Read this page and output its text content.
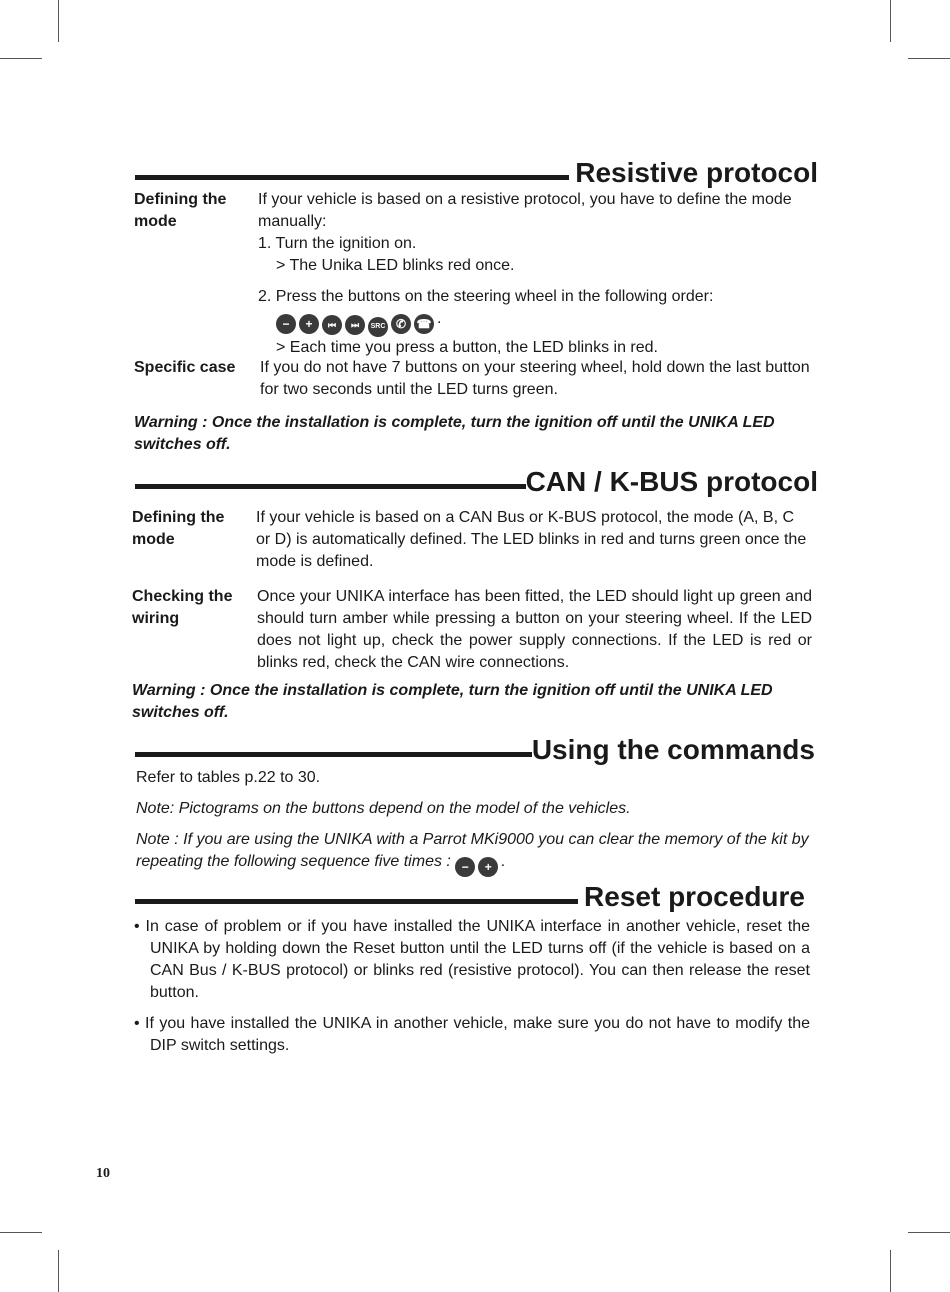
Resistive protocol
Defining the mode

If your vehicle is based on a resistive protocol, you have to define the mode manually:

1. Turn the ignition on.

> The Unika LED blinks red once.

2. Press the buttons on the steering wheel in the following order:

− + ⏮ ⏭ SRC ✆ ☎ .

> Each time you press a button, the LED blinks in red.

Specific case	If you do not have 7 buttons on your steering wheel, hold down the last button for two seconds until the LED turns green.
Warning : Once the installation is complete, turn the ignition off until the UNIKA LED switches off.
CAN / K-BUS protocol
Defining the mode
If your vehicle is based on a CAN Bus or K-BUS protocol, the mode (A, B, C or D) is automatically defined. The LED blinks in red and turns green once the mode is defined.
Checking the wiring
Once your UNIKA interface has been fitted, the LED should light up green and should turn amber while pressing a button on your steering wheel. If the LED does not light up, check the power supply connections. If the LED is red or blinks red, check the CAN wire connections.
Warning : Once the installation is complete, turn the ignition off until the UNIKA LED switches off.
Using the commands
Refer to tables p.22 to 30.
Note: Pictograms on the buttons depend on the model of the vehicles.
Note : If you are using the UNIKA with a Parrot MKi9000 you can clear the memory of the kit by repeating the following sequence five times : − + .
Reset procedure
• In case of problem or if you have installed the UNIKA interface in another vehicle, reset the UNIKA by holding down the Reset button until the LED turns off (if the vehicle is based on a CAN Bus / K-BUS protocol) or blinks red (resistive protocol). You can then release the reset button.
• If you have installed the UNIKA in another vehicle, make sure you do not have to modify the DIP switch settings.
10
